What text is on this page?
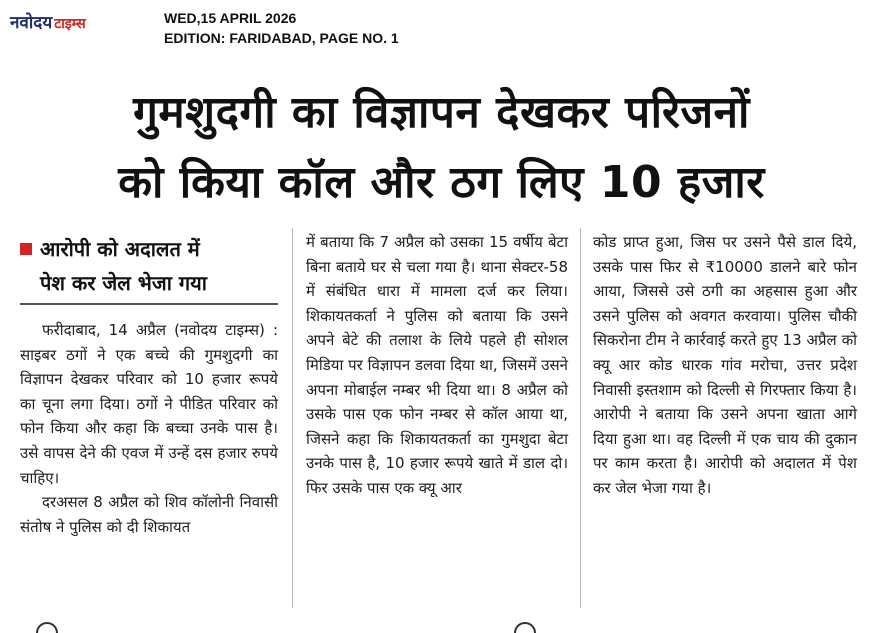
नवोदय टाइम्स	WED,15 APRIL 2026
EDITION: FARIDABAD, PAGE NO. 1
गुमशुदगी का विज्ञापन देखकर परिजनों
को किया कॉल और ठग लिए 10 हजार
आरोपी को अदालत में
पेश कर जेल भेजा गया

फरीदाबाद, 14 अप्रैल (नवोदय टाइम्स) : साइबर ठगों ने एक बच्चे की गुमशुदगी का विज्ञापन देखकर परिवार को 10 हजार रूपये का चूना लगा दिया। ठगों ने पीडित परिवार को फोन किया और कहा कि बच्चा उनके पास है। उसे वापस देने की एवज में उन्हें दस हजार रुपये चाहिए।

दरअसल 8 अप्रैल को शिव कॉलोनी निवासी संतोष ने पुलिस को दी शिकायत

में बताया कि 7 अप्रैल को उसका 15 वर्षीय बेटा बिना बताये घर से चला गया है। थाना सेक्टर-58 में संबंधित धारा में मामला दर्ज कर लिया। शिकायतकर्ता ने पुलिस को बताया कि उसने अपने बेटे की तलाश के लिये पहले ही सोशल मिडिया पर विज्ञापन डलवा दिया था, जिसमें उसने अपना मोबाईल नम्बर भी दिया था। 8 अप्रैल को उसके पास एक फोन नम्बर से कॉल आया था, जिसने कहा कि शिकायतकर्ता का गुमशुदा बेटा उनके पास है, 10 हजार रूपये खाते में डाल दो। फिर उसके पास एक क्यू आर

कोड प्राप्त हुआ, जिस पर उसने पैसे डाल दिये, उसके पास फिर से ₹10000 डालने बारे फोन आया, जिससे उसे ठगी का अहसास हुआ और उसने पुलिस को अवगत करवाया। पुलिस चौकी सिकरोना टीम ने कार्रवाई करते हुए 13 अप्रैल को क्यू आर कोड धारक गांव मरोचा, उत्तर प्रदेश निवासी इस्तशाम को दिल्ली से गिरफ्तार किया है। आरोपी ने बताया कि उसने अपना खाता आगे दिया हुआ था। वह दिल्ली में एक चाय की दुकान पर काम करता है। आरोपी को अदालत में पेश कर जेल भेजा गया है।
